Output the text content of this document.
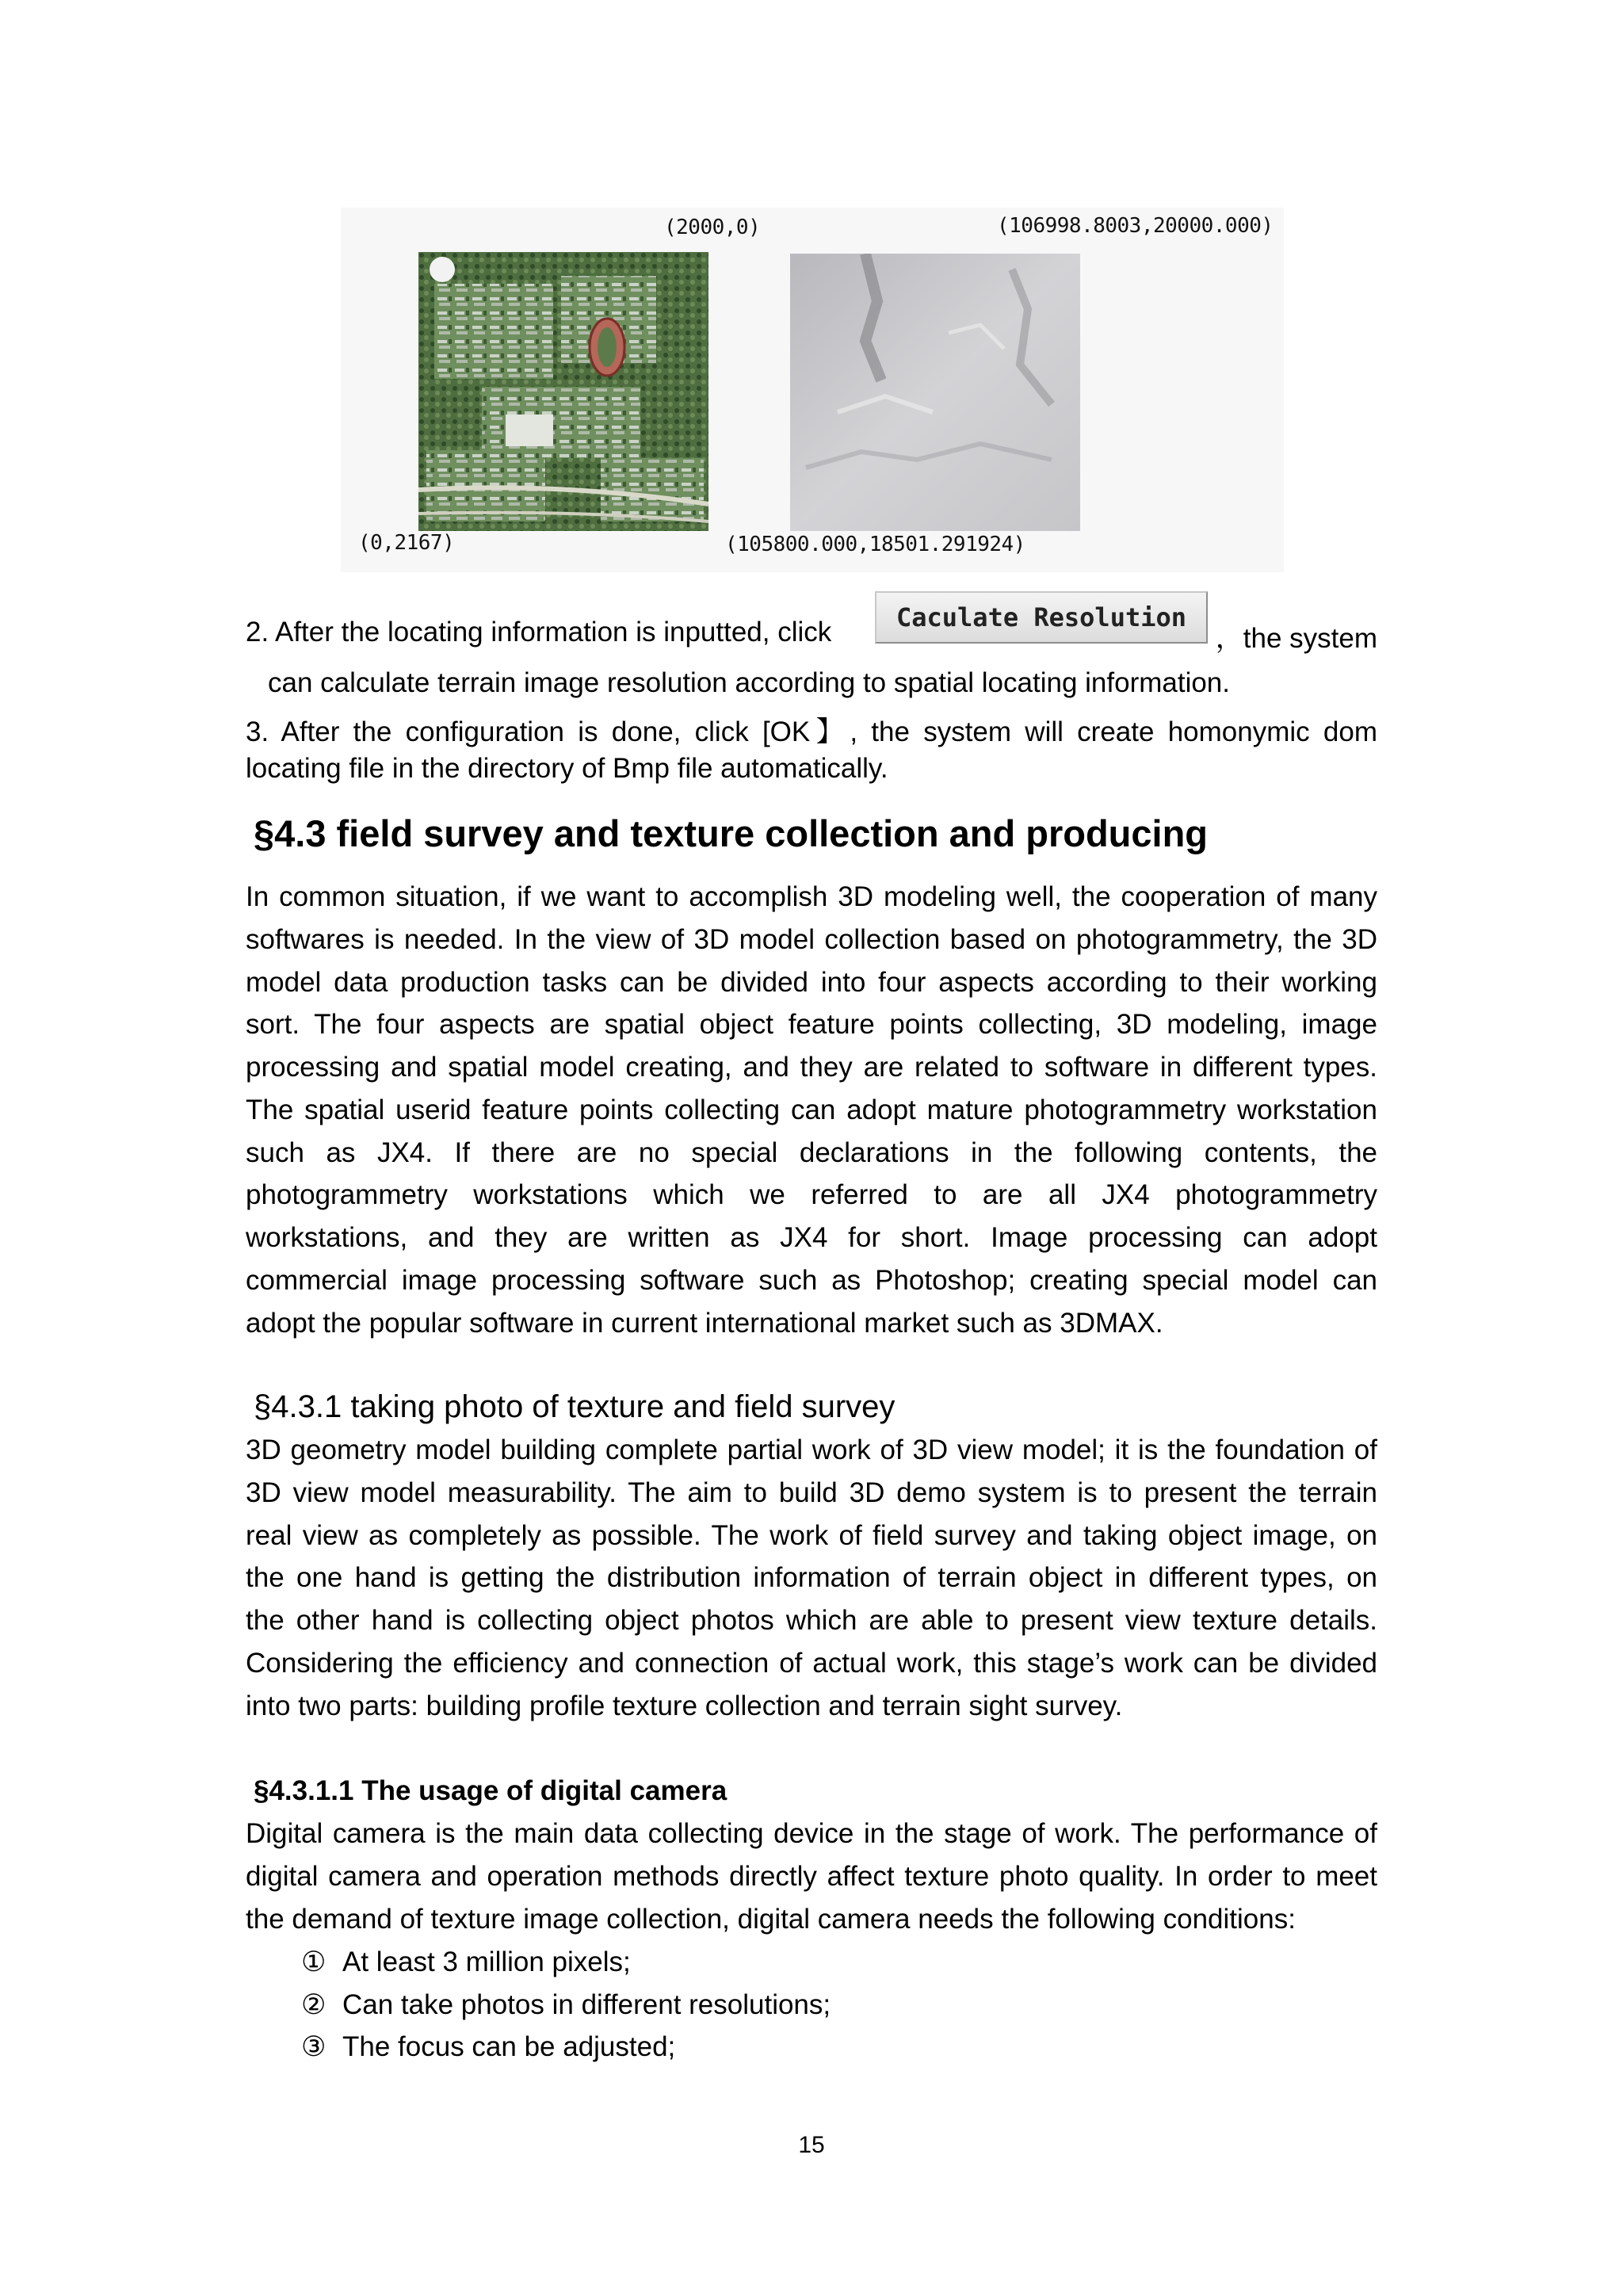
(2000,0)	(106998.8003,20000.000)
(0,2167)	(105800.000,18501.291924)
2. After the locating information is inputted, click	Caculate Resolution
，the system
can calculate terrain image resolution according to spatial locating information.
3. After the configuration is done, click [OK】, the system will create homonymic dom
locating file in the directory of Bmp file automatically.
§4.3 field survey and texture collection and producing
In common situation, if we want to accomplish 3D modeling well, the cooperation of many
softwares is needed. In the view of 3D model collection based on photogrammetry, the 3D
model data production tasks can be divided into four aspects according to their working
sort. The four aspects are spatial object feature points collecting, 3D modeling, image
processing and spatial model creating, and they are related to software in different types.
The spatial userid feature points collecting can adopt mature photogrammetry workstation
such as JX4. If there are no special declarations in the following contents, the
photogrammetry workstations which we referred to are all JX4 photogrammetry
workstations, and they are written as JX4 for short. Image processing can adopt
commercial image processing software such as Photoshop; creating special model can
adopt the popular software in current international market such as 3DMAX.
§4.3.1 taking photo of texture and field survey
3D geometry model building complete partial work of 3D view model; it is the foundation of
3D view model measurability. The aim to build 3D demo system is to present the terrain
real view as completely as possible. The work of field survey and taking object image, on
the one hand is getting the distribution information of terrain object in different types, on
the other hand is collecting object photos which are able to present view texture details.
Considering the efficiency and connection of actual work, this stage’s work can be divided
into two parts: building profile texture collection and terrain sight survey.
§4.3.1.1 The usage of digital camera
Digital camera is the main data collecting device in the stage of work. The performance of
digital camera and operation methods directly affect texture photo quality. In order to meet
the demand of texture image collection, digital camera needs the following conditions:
① At least 3 million pixels;
② Can take photos in different resolutions;
③ The focus can be adjusted;
15
